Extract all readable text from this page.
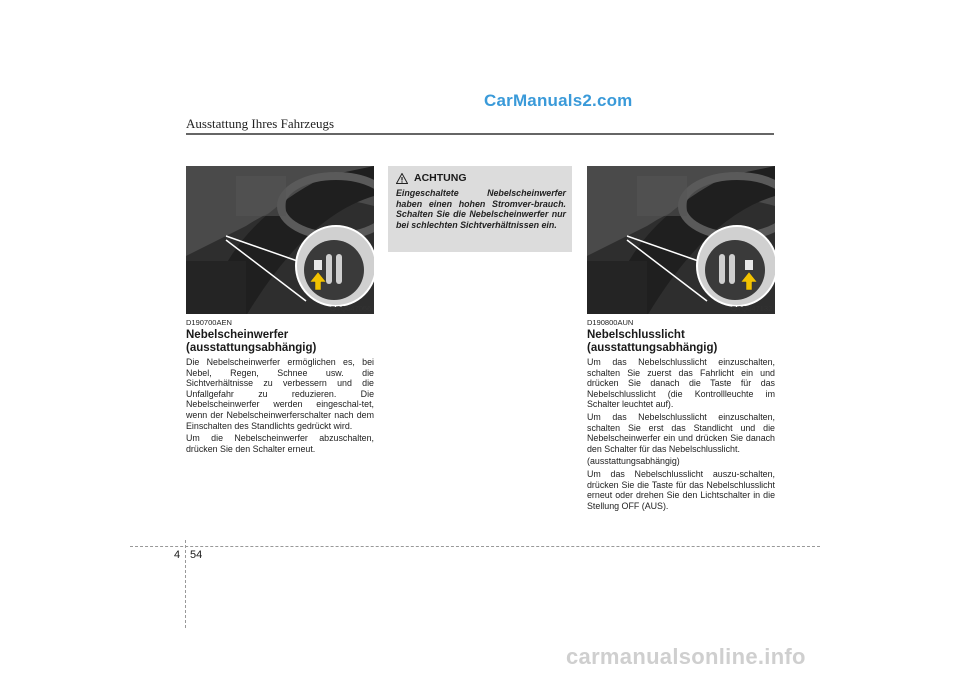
CarManuals2.com
Ausstattung Ihres Fahrzeugs
OTQ047056
D190700AEN
Nebelscheinwerfer
(ausstattungsabhängig)

Die Nebelscheinwerfer ermöglichen es, bei Nebel, Regen, Schnee usw. die Sichtverhältnisse zu verbessern und die Unfallgefahr zu reduzieren. Die Nebelscheinwerfer werden eingeschal-tet, wenn der Nebelscheinwerferschalter nach dem Einschalten des Standlichts gedrückt wird.

Um die Nebelscheinwerfer abzuschalten, drücken Sie den Schalter erneut.

ACHTUNG
Eingeschaltete Nebelscheinwerfer haben einen hohen Stromver-brauch. Schalten Sie die Nebelscheinwerfer nur bei schlechten Sichtverhältnissen ein.
OTQ047132
D190800AUN
Nebelschlusslicht
(ausstattungsabhängig)

Um das Nebelschlusslicht einzuschalten, schalten Sie zuerst das Fahrlicht ein und drücken Sie danach die Taste für das Nebelschlusslicht (die Kontrollleuchte im Schalter leuchtet auf).

Um das Nebelschlusslicht einzuschalten, schalten Sie erst das Standlicht und die Nebelscheinwerfer ein und drücken Sie danach den Schalter für das Nebelschlusslicht.

(ausstattungsabhängig)

Um das Nebelschlusslicht auszu-schalten, drücken Sie die Taste für das Nebelschlusslicht erneut oder drehen Sie den Lichtschalter in die Stellung OFF (AUS).

4 54
carmanualsonline.info
